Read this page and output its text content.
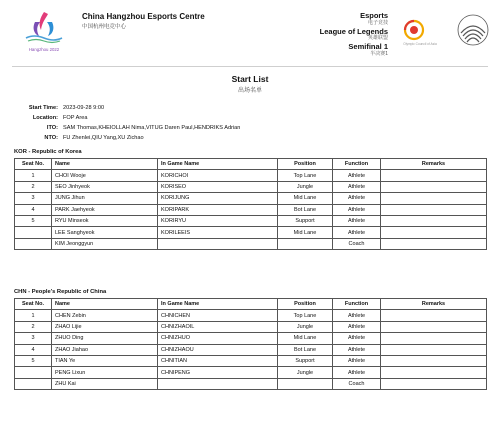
Hangzhou 2022
China Hangzhou Esports Centre
中国杭州电竞中心
Esports
电子竞技
League of Legends
英雄联盟
Semifinal 1
半决赛1
Olympic Council of Asia
Start List
出场名单
Start Time: 2023-09-28 9:00
Location: FOP Area
ITO: SAM Thomas,KHEIOLLAH Nima,VITUG Daren Paul,HENDRIKS Adrian
NTO: FU Zhenlei,QIU Yang,XU Zichao
KOR - Republic of Korea
Seat No.	Name	In Game Name	Position	Function	Remarks
1	CHOI Wooje	KORICHOI	Top Lane	Athlete	
2	SEO Jinhyeok	KORISEO	Jungle	Athlete	
3	JUNG Jihun	KORIJUNG	Mid Lane	Athlete	
4	PARK Jaehyeok	KORIPARK	Bot Lane	Athlete	
5	RYU Minseok	KORIRYU	Support	Athlete	
	LEE Sanghyeok	KORILEEIS	Mid Lane	Athlete	
	KIM Jeonggyun			Coach	
CHN - People's Republic of China
Seat No.	Name	In Game Name	Position	Function	Remarks
1	CHEN Zebin	CHNICHEN	Top Lane	Athlete	
2	ZHAO Lijie	CHNIZHAOIL	Jungle	Athlete	
3	ZHUO Ding	CHNIZHUO	Mid Lane	Athlete	
4	ZHAO Jiahao	CHNIZHAOU	Bot Lane	Athlete	
5	TIAN Ye	CHNITIAN	Support	Athlete	
	PENG Lixun	CHNIPENG	Jungle	Athlete	
	ZHU Kai			Coach	
